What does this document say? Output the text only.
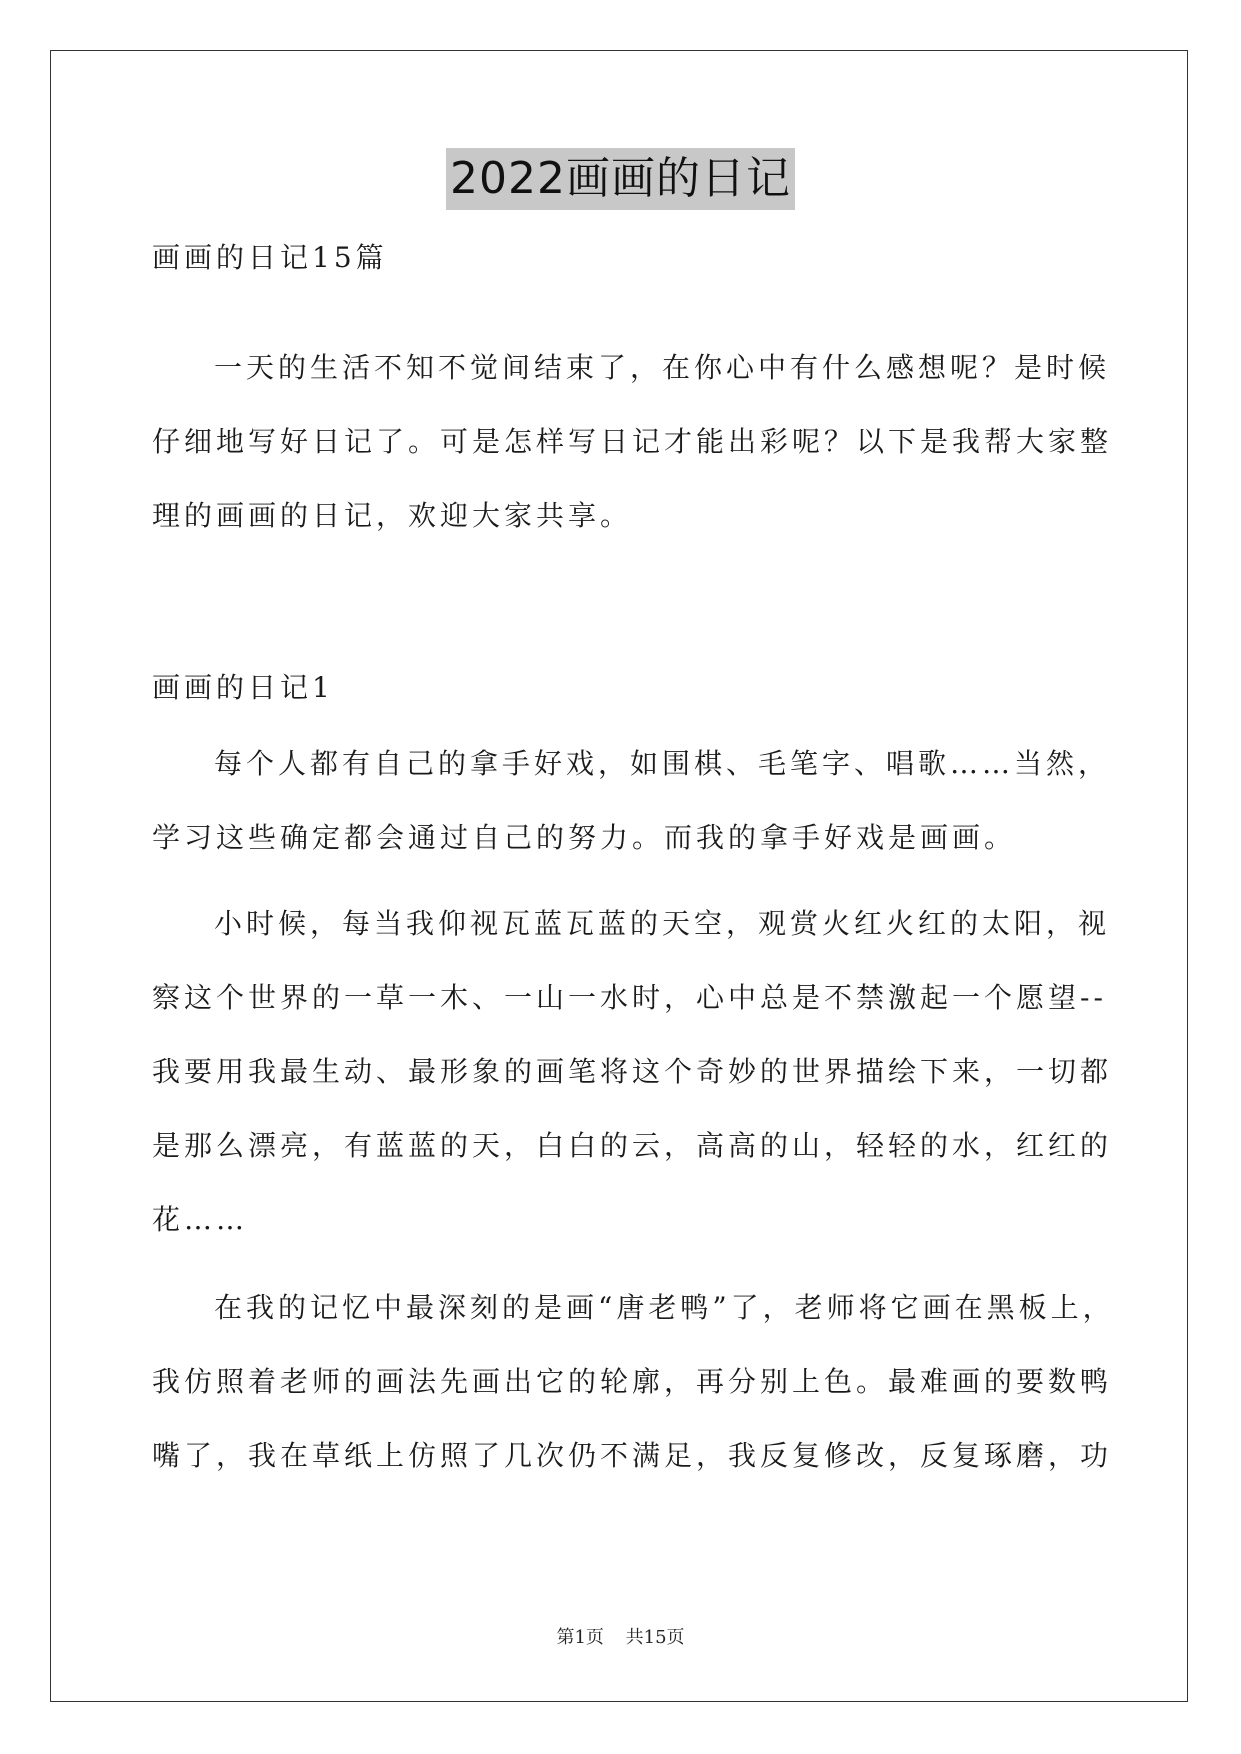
2022画画的日记
画画的日记15篇
一天的生活不知不觉间结束了，在你心中有什么感想呢？是时候
仔细地写好日记了。可是怎样写日记才能出彩呢？以下是我帮大家整
理的画画的日记，欢迎大家共享。
画画的日记1
每个人都有自己的拿手好戏，如围棋、毛笔字、唱歌……当然，
学习这些确定都会通过自己的努力。而我的拿手好戏是画画。
小时候，每当我仰视瓦蓝瓦蓝的天空，观赏火红火红的太阳，视
察这个世界的一草一木、一山一水时，心中总是不禁激起一个愿望--
我要用我最生动、最形象的画笔将这个奇妙的世界描绘下来，一切都
是那么漂亮，有蓝蓝的天，白白的云，高高的山，轻轻的水，红红的
花……
在我的记忆中最深刻的是画“唐老鸭”了，老师将它画在黑板上，
我仿照着老师的画法先画出它的轮廓，再分别上色。最难画的要数鸭
嘴了，我在草纸上仿照了几次仍不满足，我反复修改，反复琢磨，功
第1页 共15页
